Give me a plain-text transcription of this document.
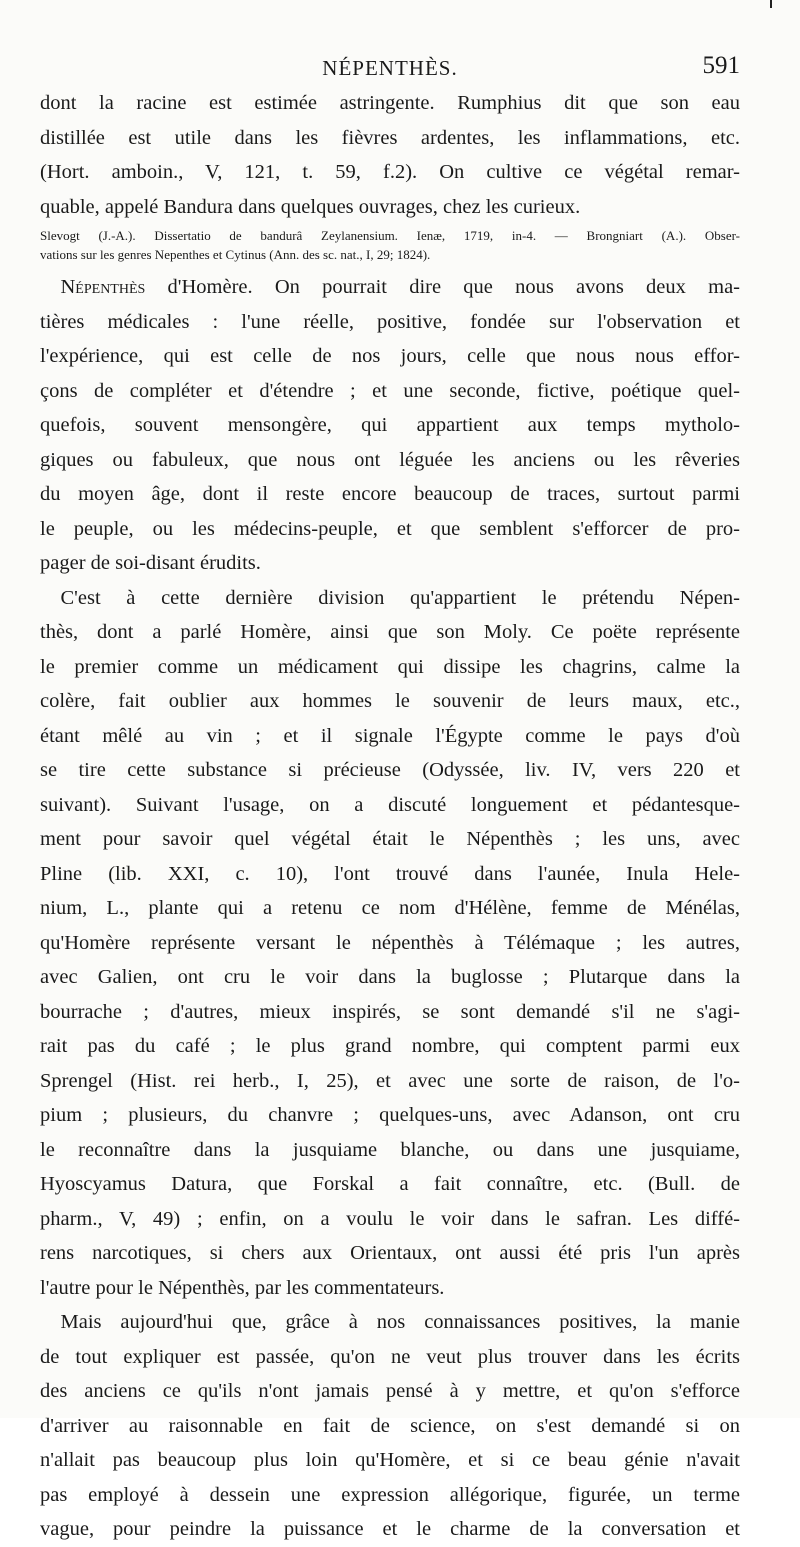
NÉPENTHÈS.	591
dont la racine est estimée astringente. Rumphius dit que son eau
distillée est utile dans les fièvres ardentes, les inflammations, etc.
(Hort. amboin., V, 121, t. 59, f.2). On cultive ce végétal remar-
quable, appelé Bandura dans quelques ouvrages, chez les curieux.
Slevogt (J.-A.). Dissertatio de bandurâ Zeylanensium. Ienæ, 1719, in-4. — Brongniart (A.). Obser-
vations sur les genres Nepenthes et Cytinus (Ann. des sc. nat., I, 29; 1824).
 Népenthès d'Homère. On pourrait dire que nous avons deux ma-
tières médicales : l'une réelle, positive, fondée sur l'observation et
l'expérience, qui est celle de nos jours, celle que nous nous effor-
çons de compléter et d'étendre ; et une seconde, fictive, poétique quel-
quefois, souvent mensongère, qui appartient aux temps mytholo-
giques ou fabuleux, que nous ont léguée les anciens ou les rêveries
du moyen âge, dont il reste encore beaucoup de traces, surtout parmi
le peuple, ou les médecins-peuple, et que semblent s'efforcer de pro-
pager de soi-disant érudits.
 C'est à cette dernière division qu'appartient le prétendu Népen-
thès, dont a parlé Homère, ainsi que son Moly. Ce poëte représente
le premier comme un médicament qui dissipe les chagrins, calme la
colère, fait oublier aux hommes le souvenir de leurs maux, etc.,
étant mêlé au vin ; et il signale l'Égypte comme le pays d'où
se tire cette substance si précieuse (Odyssée, liv. IV, vers 220 et
suivant). Suivant l'usage, on a discuté longuement et pédantesque-
ment pour savoir quel végétal était le Népenthès ; les uns, avec
Pline (lib. XXI, c. 10), l'ont trouvé dans l'aunée, Inula Hele-
nium, L., plante qui a retenu ce nom d'Hélène, femme de Ménélas,
qu'Homère représente versant le népenthès à Télémaque ; les autres,
avec Galien, ont cru le voir dans la buglosse ; Plutarque dans la
bourrache ; d'autres, mieux inspirés, se sont demandé s'il ne s'agi-
rait pas du café ; le plus grand nombre, qui comptent parmi eux
Sprengel (Hist. rei herb., I, 25), et avec une sorte de raison, de l'o-
pium ; plusieurs, du chanvre ; quelques-uns, avec Adanson, ont cru
le reconnaître dans la jusquiame blanche, ou dans une jusquiame,
Hyoscyamus Datura, que Forskal a fait connaître, etc. (Bull. de
pharm., V, 49) ; enfin, on a voulu le voir dans le safran. Les diffé-
rens narcotiques, si chers aux Orientaux, ont aussi été pris l'un après
l'autre pour le Népenthès, par les commentateurs.
 Mais aujourd'hui que, grâce à nos connaissances positives, la manie
de tout expliquer est passée, qu'on ne veut plus trouver dans les écrits
des anciens ce qu'ils n'ont jamais pensé à y mettre, et qu'on s'efforce
d'arriver au raisonnable en fait de science, on s'est demandé si on
n'allait pas beaucoup plus loin qu'Homère, et si ce beau génie n'avait
pas employé à dessein une expression allégorique, figurée, un terme
vague, pour peindre la puissance et le charme de la conversation et
